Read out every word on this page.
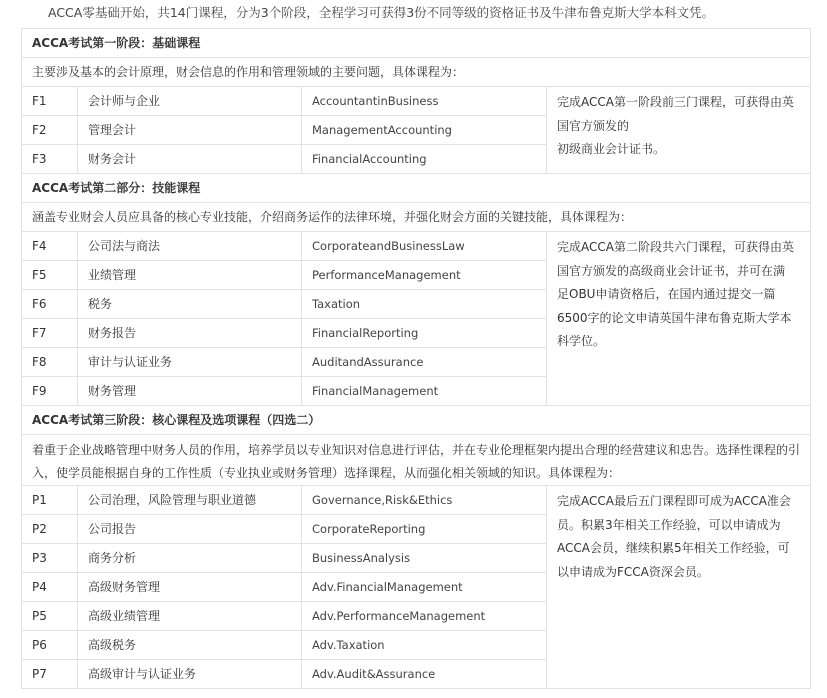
ACCA零基础开始，共14门课程，分为3个阶段，全程学习可获得3份不同等级的资格证书及牛津布鲁克斯大学本科文凭。
ACCA考试第一阶段：基础课程			
主要涉及基本的会计原理，财会信息的作用和管理领域的主要问题，具体课程为：			
F1	会计师与企业	AccountantinBusiness	完成ACCA第一阶段前三门课程，可获得由英
国官方颁发的
初级商业会计证书。

F2	管理会计	ManagementAccounting	
F3	财务会计	FinancialAccounting	
ACCA考试第二部分：技能课程			
涵盖专业财会人员应具备的核心专业技能，介绍商务运作的法律环境，并强化财会方面的关键技能，具体课程为：			
F4	公司法与商法	CorporateandBusinessLaw	完成ACCA第二阶段共六门课程，可获得由英
国官方颁发的高级商业会计证书，并可在满
足OBU申请资格后，在国内通过提交一篇
6500字的论文申请英国牛津布鲁克斯大学本
科学位。

F5	业绩管理	PerformanceManagement	
F6	税务	Taxation	
F7	财务报告	FinancialReporting	
F8	审计与认证业务	AuditandAssurance	
F9	财务管理	FinancialManagement	
ACCA考试第三阶段：核心课程及选项课程（四选二）			
着重于企业战略管理中财务人员的作用，培养学员以专业知识对信息进行评估，并在专业伦理框架内提出合理的经营建议和忠告。选择性课程的引入，使学员能根据自身的工作性质（专业执业或财务管理）选择课程，从而强化相关领域的知识。具体课程为：			
P1	公司治理，风险管理与职业道德	Governance,Risk&Ethics	完成ACCA最后五门课程即可成为ACCA准会
员。积累3年相关工作经验，可以申请成为
ACCA会员，继续积累5年相关工作经验，可
以申请成为FCCA资深会员。

P2	公司报告	CorporateReporting	
P3	商务分析	BusinessAnalysis	
P4	高级财务管理	Adv.FinancialManagement	
P5	高级业绩管理	Adv.PerformanceManagement	
P6	高级税务	Adv.Taxation	
P7	高级审计与认证业务	Adv.Audit&Assurance	
